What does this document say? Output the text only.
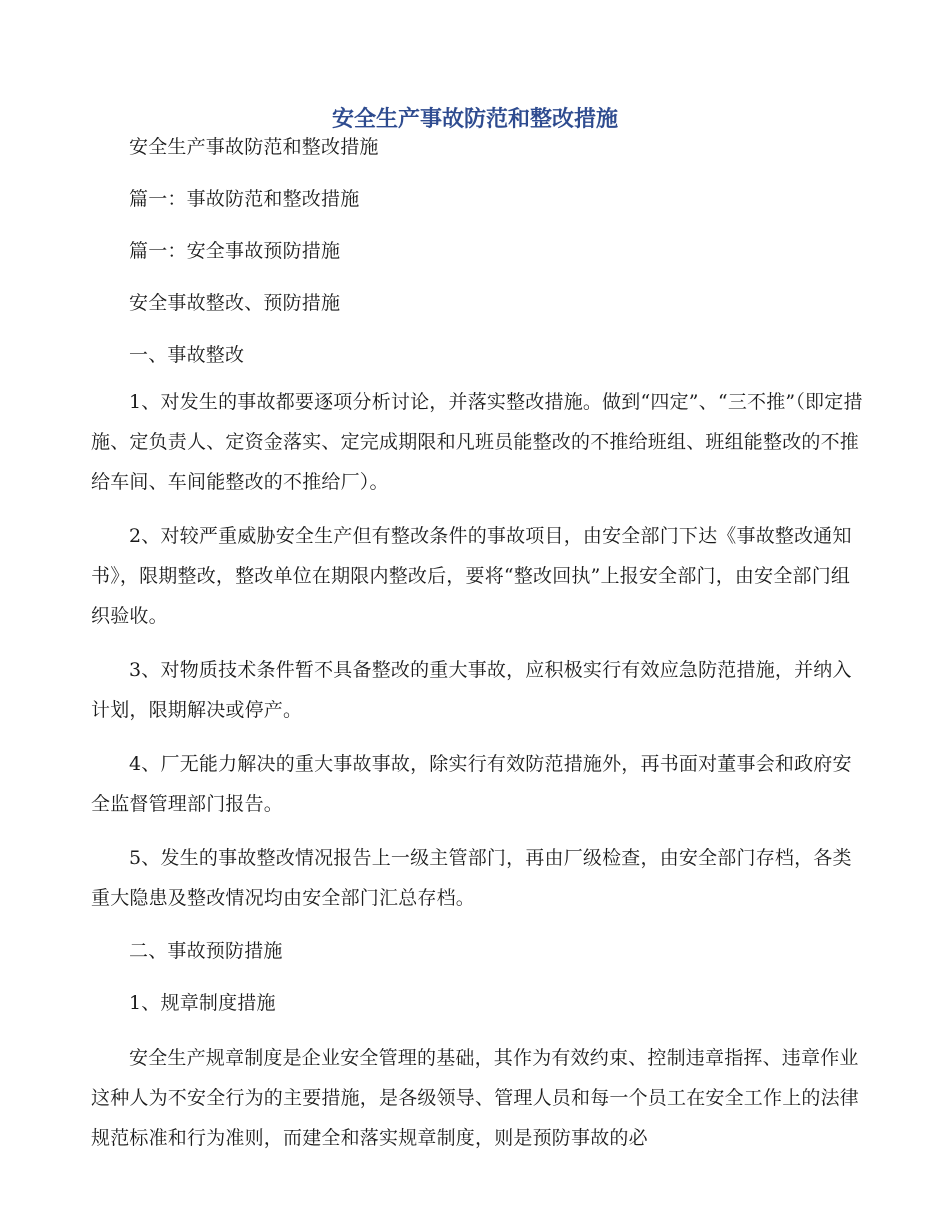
安全生产事故防范和整改措施

安全生产事故防范和整改措施

篇一：事故防范和整改措施

篇一：安全事故预防措施

安全事故整改、预防措施

一、事故整改

1、对发生的事故都要逐项分析讨论，并落实整改措施。做到“四定”、“三不推”（即定措施、定负责人、定资金落实、定完成期限和凡班员能整改的不推给班组、班组能整改的不推给车间、车间能整改的不推给厂）。

2、对较严重威胁安全生产但有整改条件的事故项目，由安全部门下达《事故整改通知书》，限期整改，整改单位在期限内整改后，要将“整改回执”上报安全部门，由安全部门组织验收。

3、对物质技术条件暂不具备整改的重大事故，应积极实行有效应急防范措施，并纳入计划，限期解决或停产。

4、厂无能力解决的重大事故事故，除实行有效防范措施外，再书面对董事会和政府安全监督管理部门报告。

5、发生的事故整改情况报告上一级主管部门，再由厂级检查，由安全部门存档，各类重大隐患及整改情况均由安全部门汇总存档。

二、事故预防措施

1、规章制度措施

安全生产规章制度是企业安全管理的基础，其作为有效约束、控制违章指挥、违章作业这种人为不安全行为的主要措施，是各级领导、管理人员和每一个员工在安全工作上的法律规范标准和行为准则，而建全和落实规章制度，则是预防事故的必
